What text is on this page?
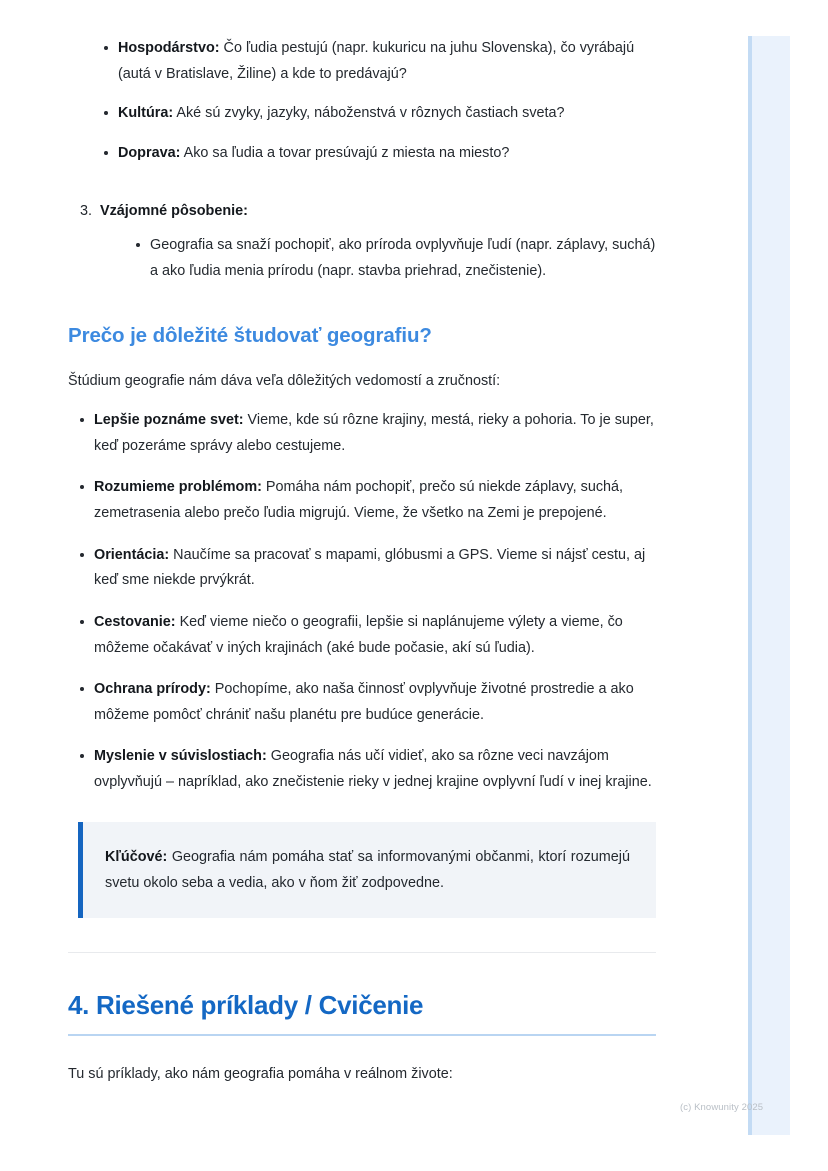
Hospodárstvo: Čo ľudia pestujú (napr. kukuricu na juhu Slovenska), čo vyrábajú (autá v Bratislave, Žiline) a kde to predávajú?
Kultúra: Aké sú zvyky, jazyky, náboženstvá v rôznych častiach sveta?
Doprava: Ako sa ľudia a tovar presúvajú z miesta na miesto?
3. Vzájomné pôsobenie:
Geografia sa snaží pochopiť, ako príroda ovplyvňuje ľudí (napr. záplavy, suchá) a ako ľudia menia prírodu (napr. stavba priehrad, znečistenie).
Prečo je dôležité študovať geografiu?

Štúdium geografie nám dáva veľa dôležitých vedomostí a zručností:

Lepšie poznáme svet: Vieme, kde sú rôzne krajiny, mestá, rieky a pohoria. To je super, keď pozeráme správy alebo cestujeme.
Rozumieme problémom: Pomáha nám pochopiť, prečo sú niekde záplavy, suchá, zemetrasenia alebo prečo ľudia migrujú. Vieme, že všetko na Zemi je prepojené.
Orientácia: Naučíme sa pracovať s mapami, glóbusmi a GPS. Vieme si nájsť cestu, aj keď sme niekde prvýkrát.
Cestovanie: Keď vieme niečo o geografii, lepšie si naplánujeme výlety a vieme, čo môžeme očakávať v iných krajinách (aké bude počasie, akí sú ľudia).
Ochrana prírody: Pochopíme, ako naša činnosť ovplyvňuje životné prostredie a ako môžeme pomôcť chrániť našu planétu pre budúce generácie.
Myslenie v súvislostiach: Geografia nás učí vidieť, ako sa rôzne veci navzájom ovplyvňujú – napríklad, ako znečistenie rieky v jednej krajine ovplyvní ľudí v inej krajine.

Kľúčové: Geografia nám pomáha stať sa informovanými občanmi, ktorí rozumejú svetu okolo seba a vedia, ako v ňom žiť zodpovedne.

4. Riešené príklady / Cvičenie

Tu sú príklady, ako nám geografia pomáha v reálnom živote:

(c) Knowunity 2025
